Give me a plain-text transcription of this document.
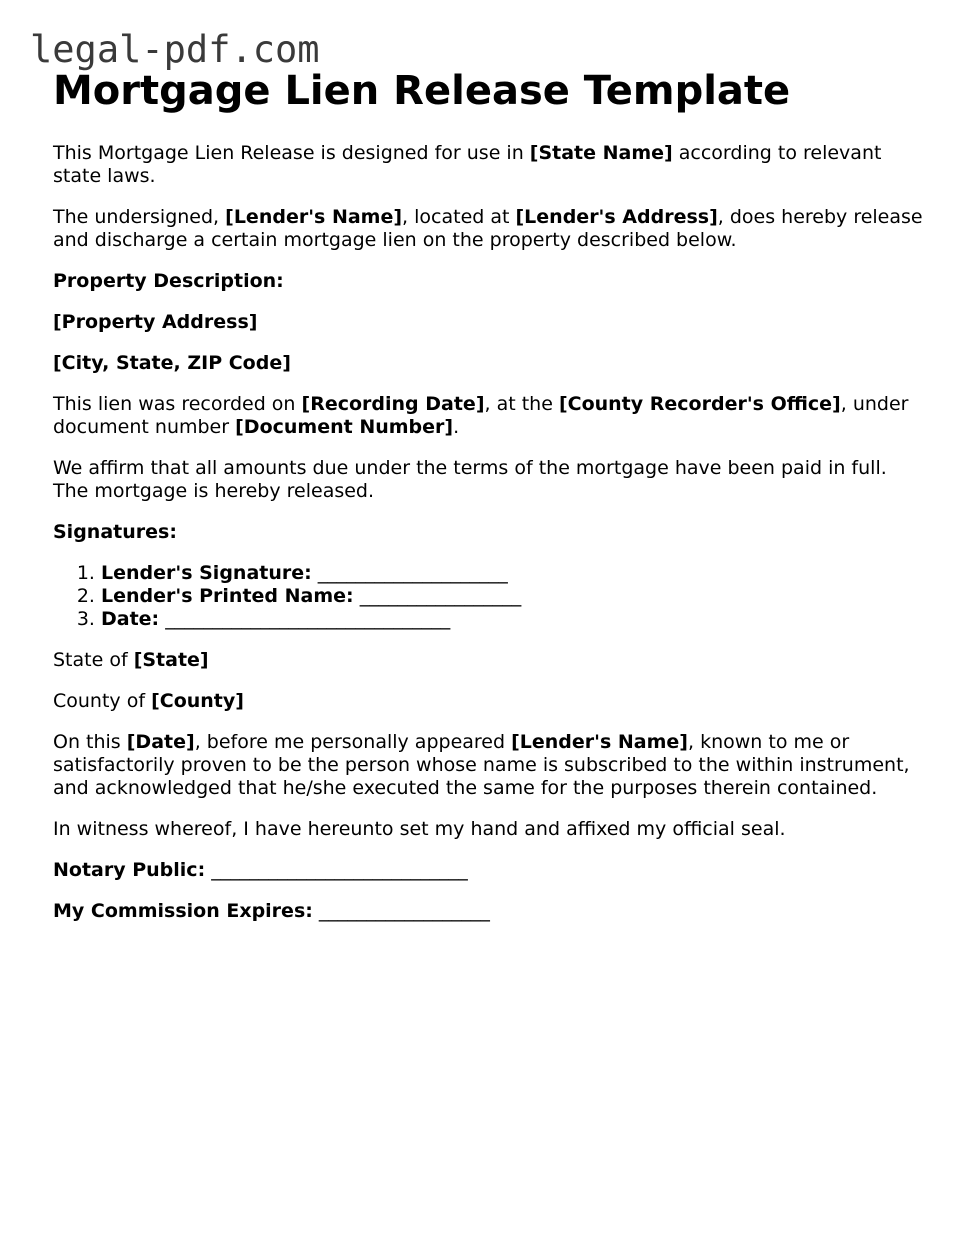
legal-pdf.com
Mortgage Lien Release Template

This Mortgage Lien Release is designed for use in [State Name] according to relevant state laws.

The undersigned, [Lender's Name], located at [Lender's Address], does hereby release and discharge a certain mortgage lien on the property described below.

Property Description:

[Property Address]

[City, State, ZIP Code]

This lien was recorded on [Recording Date], at the [County Recorder's Office], under document number [Document Number].

We affirm that all amounts due under the terms of the mortgage have been paid in full. The mortgage is hereby released.

Signatures:

1. Lender's Signature: ____________________
2. Lender's Printed Name: _________________
3. Date: ______________________________

State of [State]

County of [County]

On this [Date], before me personally appeared [Lender's Name], known to me or satisfactorily proven to be the person whose name is subscribed to the within instrument, and acknowledged that he/she executed the same for the purposes therein contained.

In witness whereof, I have hereunto set my hand and affixed my official seal.

Notary Public: ___________________________

My Commission Expires: __________________
